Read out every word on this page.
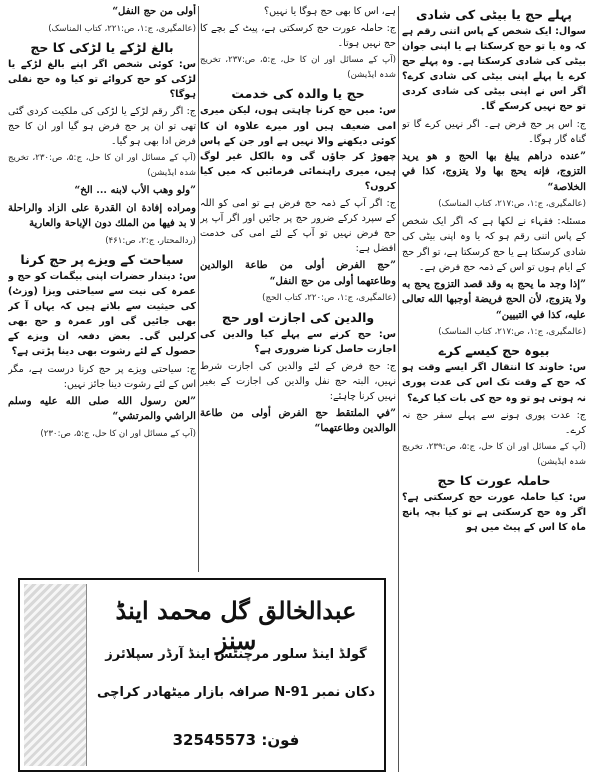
پہلے حج یا بیٹی کی شادی

سوال: ایک شخص کے پاس اتنی رقم ہے کہ وہ یا تو حج کرسکتا ہے یا اپنی جوان بیٹی کی شادی کرسکتا ہے۔ وہ پہلے حج کرے یا پہلے اپنی بیٹی کی شادی کرے؟ اگر اس نے اپنی بیٹی کی شادی کردی تو حج نہیں کرسکے گا۔

ج: اس پر حج فرض ہے۔ اگر نہیں کرے گا تو گناہ گار ہوگا۔

”عنده دراهم يبلغ بها الحج و هو يريد التزوج، فإنه يحج بها ولا يتزوج، كذا في الخلاصة“

(عالمگیری، ج:۱، ص:۲۱۷، کتاب المناسک)

مسئلہ: فقہاء نے لکھا ہے کہ اگر ایک شخص کے پاس اتنی رقم ہو کہ یا وہ اپنی بیٹی کی شادی کرسکتا ہے یا حج کرسکتا ہے، تو اگر حج کے ایام ہوں تو اس کے ذمہ حج فرض ہے۔

”إذا وجد ما يحج به وقد قصد التزوج يحج به ولا يتزوج، لأن الحج فريضة أوجبها الله تعالى عليه، كذا في التبيين“

(عالمگیری، ج:۱، ص:۲۱۷، کتاب المناسک)

بیوہ حج کیسے کرے

س: خاوند کا انتقال اگر ایسے وقت ہو کہ حج کے وقت تک اس کی عدت پوری نہ ہوتی ہو تو وہ حج کی بات کیا کرے؟

ج: عدت پوری ہونے سے پہلے سفر حج نہ کرے۔

(آپ کے مسائل اور ان کا حل، ج:۵، ص:۲۳۹، تخریج شدہ ایڈیشن)

حاملہ عورت کا حج

س: کیا حاملہ عورت حج کرسکتی ہے؟ اگر وہ حج کرسکتی ہے تو کیا بچہ پانچ ماہ کا اس کے پیٹ میں ہو

ہے، اس کا بھی حج ہوگا یا نہیں؟

ج: حاملہ عورت حج کرسکتی ہے، پیٹ کے بچے کا حج نہیں ہوتا۔

(آپ کے مسائل اور ان کا حل، ج:۵، ص:۲۳۷، تخریج شدہ ایڈیشن)

حج یا والدہ کی خدمت

س: میں حج کرنا چاہتی ہوں، لیکن میری امی ضعیف ہیں اور میرے علاوہ ان کا کوئی دیکھنے والا نہیں ہے اور جن کے پاس چھوڑ کر جاؤں گی وہ بالکل غیر لوگ ہیں، میری راہنمائی فرمائیں کہ میں کیا کروں؟

ج: اگر آپ کے ذمہ حج فرض ہے تو امی کو اللہ کے سپرد کرکے ضرور حج پر جائیں اور اگر آپ پر حج فرض نہیں تو آپ کے لئے امی کی خدمت افضل ہے:

”حج الفرض أولى من طاعة الوالدين وطاعتهما أولى من حج النفل“

(عالمگیری، ج:۱، ص:۲۲۰، کتاب الحج)

والدین کی اجازت اور حج

س: حج کرنے سے پہلے کیا والدین کی اجازت حاصل کرنا ضروری ہے؟

ج: حج فرض کے لئے والدین کی اجازت شرط نہیں، البتہ حج نفل والدین کی اجازت کے بغیر نہیں کرنا چاہئے:

”في الملتقط حج الفرض أولى من طاعة الوالدين وطاعتهما“

أولى من حج النفل“

(عالمگیری، ج:۱، ص:۲۲۱، کتاب المناسک)

بالغ لڑکے یا لڑکی کا حج

س: کوئی شخص اگر اپنے بالغ لڑکے یا لڑکی کو حج کروائے تو کیا وہ حج نفلی ہوگا؟

ج: اگر رقم لڑکے یا لڑکی کی ملکیت کردی گئی تھی تو ان پر حج فرض ہو گیا اور ان کا حج فرض ادا بھی ہو گیا۔

(آپ کے مسائل اور ان کا حل، ج:۵، ص:۲۳۰، تخریج شدہ ایڈیشن)

”ولو وهب الأب لابنه ... الخ“

ومراده إفادة ان القدرة على الزاد والراحلة لا بد فيها من الملك دون الإباحة والعارية

(ردالمحتار، ج:۲، ص:۴۶۱)

سیاحت کے ویزے پر حج کرنا

س: دیندار حضرات اپنی بیگمات کو حج و عمرہ کی نیت سے سیاحتی ویزا (وزٹ) کی حیثیت سے بلاتے ہیں کہ یہاں آ کر بھی جائیں گی اور عمرہ و حج بھی کرلیں گی۔ بعض دفعہ ان ویزے کے حصول کے لئے رشوت بھی دینا پڑتی ہے؟

ج: سیاحتی ویزے پر حج کرنا درست ہے، مگر اس کے لئے رشوت دینا جائز نہیں:

”لعن رسول الله صلى الله عليه وسلم الراشي والمرتشي“

(آپ کے مسائل اور ان کا حل، ج:۵، ص:۲۳۰)

عبدالخالق گل محمد اینڈ سنز
گولڈ اینڈ سلور مرچنٹس اینڈ آرڈر سپلائرز
دکان نمبر N-91 صرافہ بازار میٹھادر کراچی
فون: 32545573
